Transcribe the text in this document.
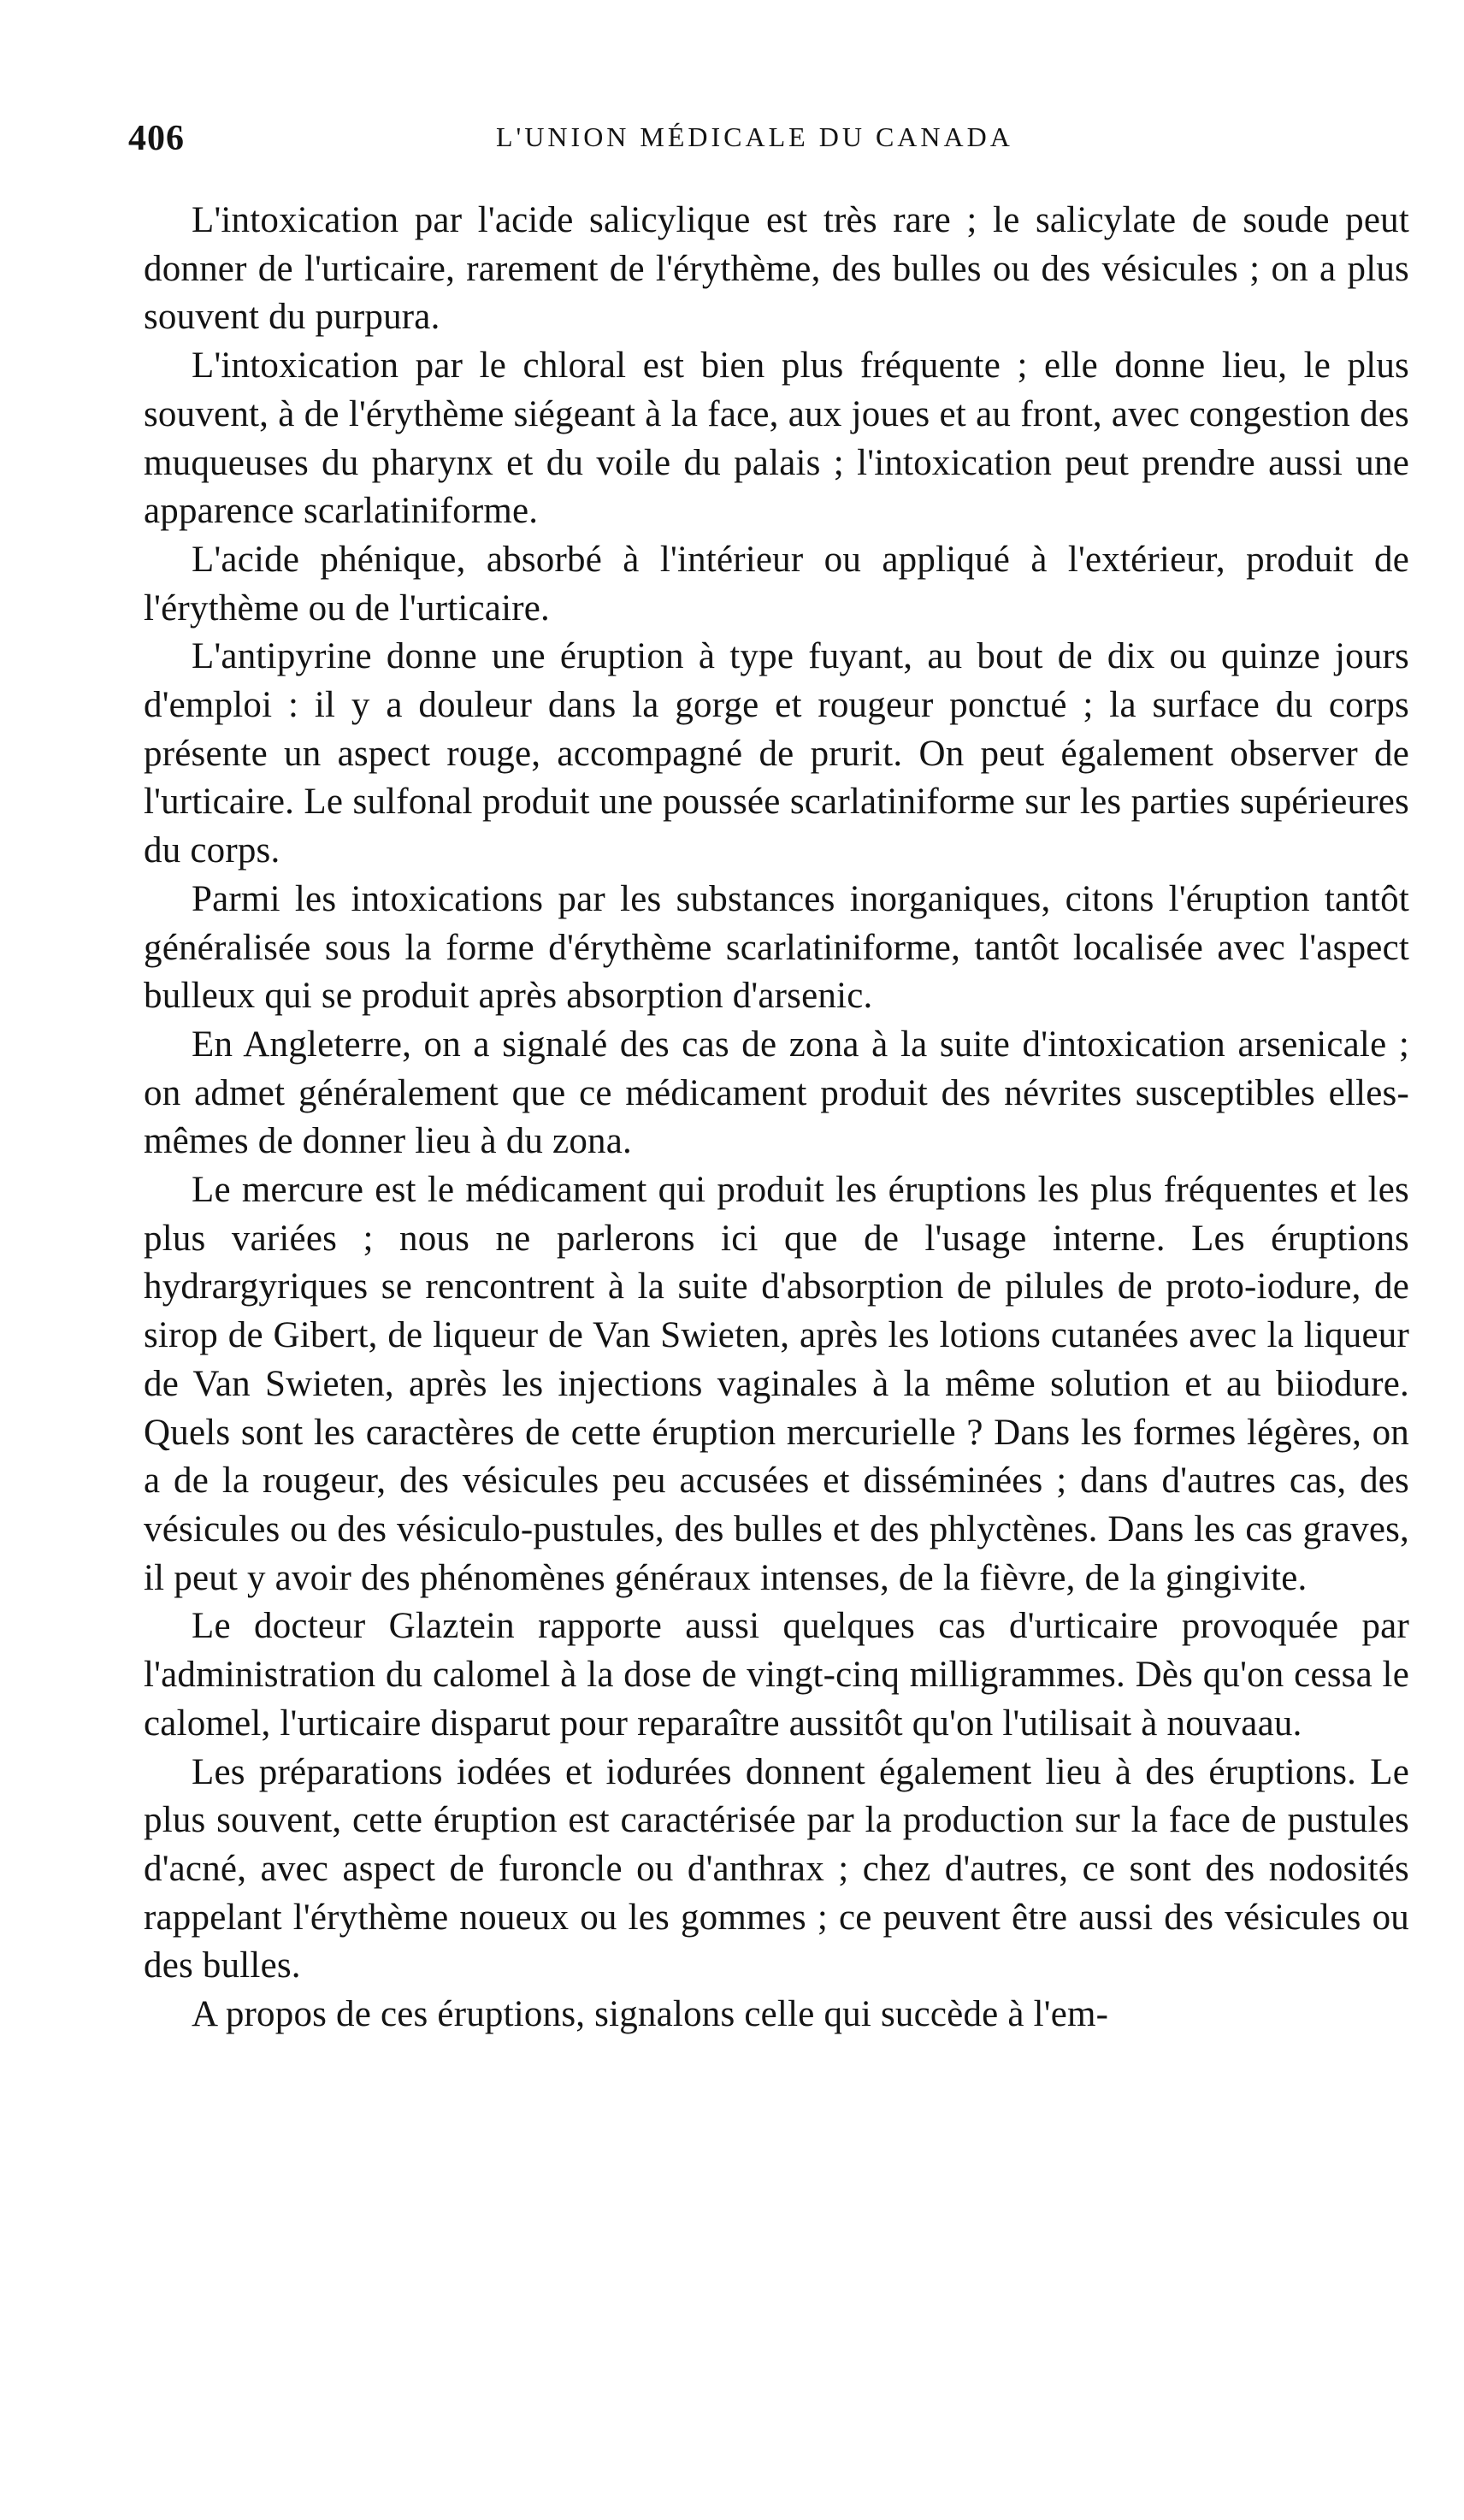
406	L'UNION MÉDICALE DU CANADA

L'intoxication par l'acide salicylique est très rare ; le salicylate de soude peut donner de l'urticaire, rarement de l'érythème, des bulles ou des vésicules ; on a plus souvent du purpura.

L'intoxication par le chloral est bien plus fréquente ; elle donne lieu, le plus souvent, à de l'érythème siégeant à la face, aux joues et au front, avec congestion des muqueuses du pharynx et du voile du palais ; l'intoxication peut prendre aussi une apparence scarlatiniforme.

L'acide phénique, absorbé à l'intérieur ou appliqué à l'extérieur, produit de l'érythème ou de l'urticaire.

L'antipyrine donne une éruption à type fuyant, au bout de dix ou quinze jours d'emploi : il y a douleur dans la gorge et rougeur ponctué ; la surface du corps présente un aspect rouge, accompagné de prurit. On peut également observer de l'urticaire. Le sulfonal produit une poussée scarlatiniforme sur les parties supérieures du corps.

Parmi les intoxications par les substances inorganiques, citons l'éruption tantôt généralisée sous la forme d'érythème scarlatiniforme, tantôt localisée avec l'aspect bulleux qui se produit après absorption d'arsenic.

En Angleterre, on a signalé des cas de zona à la suite d'intoxication arsenicale ; on admet généralement que ce médicament produit des névrites susceptibles elles-mêmes de donner lieu à du zona.

Le mercure est le médicament qui produit les éruptions les plus fréquentes et les plus variées ; nous ne parlerons ici que de l'usage interne. Les éruptions hydrargyriques se rencontrent à la suite d'absorption de pilules de proto-iodure, de sirop de Gibert, de liqueur de Van Swieten, après les lotions cutanées avec la liqueur de Van Swieten, après les injections vaginales à la même solution et au biiodure. Quels sont les caractères de cette éruption mercurielle ? Dans les formes légères, on a de la rougeur, des vésicules peu accusées et disséminées ; dans d'autres cas, des vésicules ou des vésiculo-pustules, des bulles et des phlyctènes. Dans les cas graves, il peut y avoir des phénomènes généraux intenses, de la fièvre, de la gingivite.

Le docteur Glaztein rapporte aussi quelques cas d'urticaire provoquée par l'administration du calomel à la dose de vingt-cinq milligrammes. Dès qu'on cessa le calomel, l'urticaire disparut pour reparaître aussitôt qu'on l'utilisait à nouvaau.

Les préparations iodées et iodurées donnent également lieu à des éruptions. Le plus souvent, cette éruption est caractérisée par la production sur la face de pustules d'acné, avec aspect de furoncle ou d'anthrax ; chez d'autres, ce sont des nodosités rappelant l'érythème noueux ou les gommes ; ce peuvent être aussi des vésicules ou des bulles.

A propos de ces éruptions, signalons celle qui succède à l'em-
